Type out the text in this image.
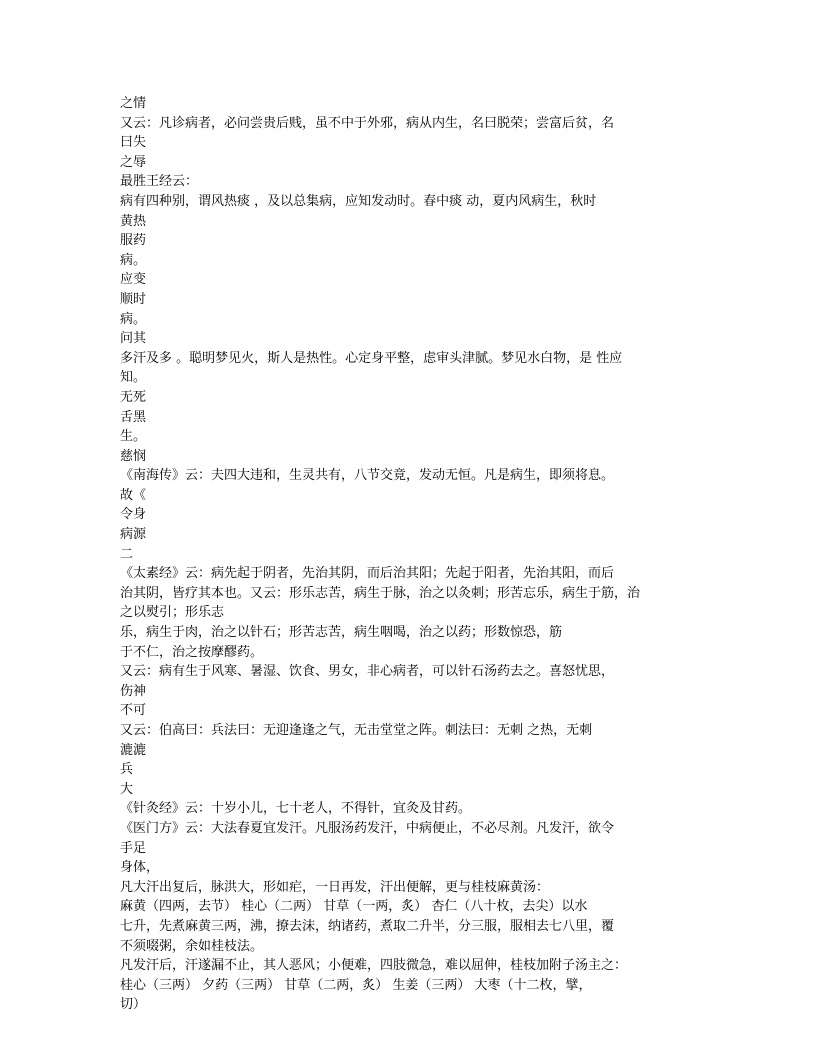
之情
又云：凡诊病者，必问尝贵后贱，虽不中于外邪，病从内生，名曰脱荣；尝富后贫，名
曰失
之辱
最胜王经云：
病有四种别，谓风热痰 ，及以总集病，应知发动时。春中痰 动，夏内风病生，秋时
黄热
服药
病。
应变
顺时
病。
问其
多汗及多 。聪明梦见火，斯人是热性。心定身平整，虑审头津腻。梦见水白物，是 性应
知。
无死
舌黑
生。
慈悯
《南海传》云：夫四大违和，生灵共有，八节交竟，发动无恒。凡是病生，即须将息。
故《
令身
病源
二
《太素经》云：病先起于阴者，先治其阴，而后治其阳；先起于阳者，先治其阳，而后
治其阴，皆疗其本也。又云：形乐志苦，病生于脉，治之以灸刺；形苦忘乐，病生于筋，治
之以熨引；形乐志
乐，病生于肉，治之以针石；形苦志苦，病生咽喝，治之以药；形数惊恐，筋
于不仁，治之按摩醪药。
又云：病有生于风寒、暑湿、饮食、男女，非心病者，可以针石汤药去之。喜怒忧思，
伤神
不可
又云：伯高曰：兵法曰：无迎逢逢之气，无击堂堂之阵。刺法曰：无刺 之热，无刺
漉漉
兵
大
《针灸经》云：十岁小儿，七十老人，不得针，宜灸及甘药。
《医门方》云：大法春夏宜发汗。凡服汤药发汗，中病便止，不必尽剂。凡发汗，欲令
手足
身体，
凡大汗出复后，脉洪大，形如疟，一日再发，汗出便解，更与桂枝麻黄汤：
麻黄（四两，去节） 桂心（二两） 甘草（一两，炙） 杏仁（八十枚，去尖）以水
七升，先煮麻黄三两，沸，撩去沫，纳诸药，煮取二升半，分三服，服相去七八里，覆
不须啜粥，余如桂枝法。
凡发汗后，汗遂漏不止，其人恶风；小便难，四肢微急，难以屈伸，桂枝加附子汤主之：
桂心（三两） 夕药（三两） 甘草（二两，炙） 生姜（三两） 大枣（十二枚，擘，
切）
